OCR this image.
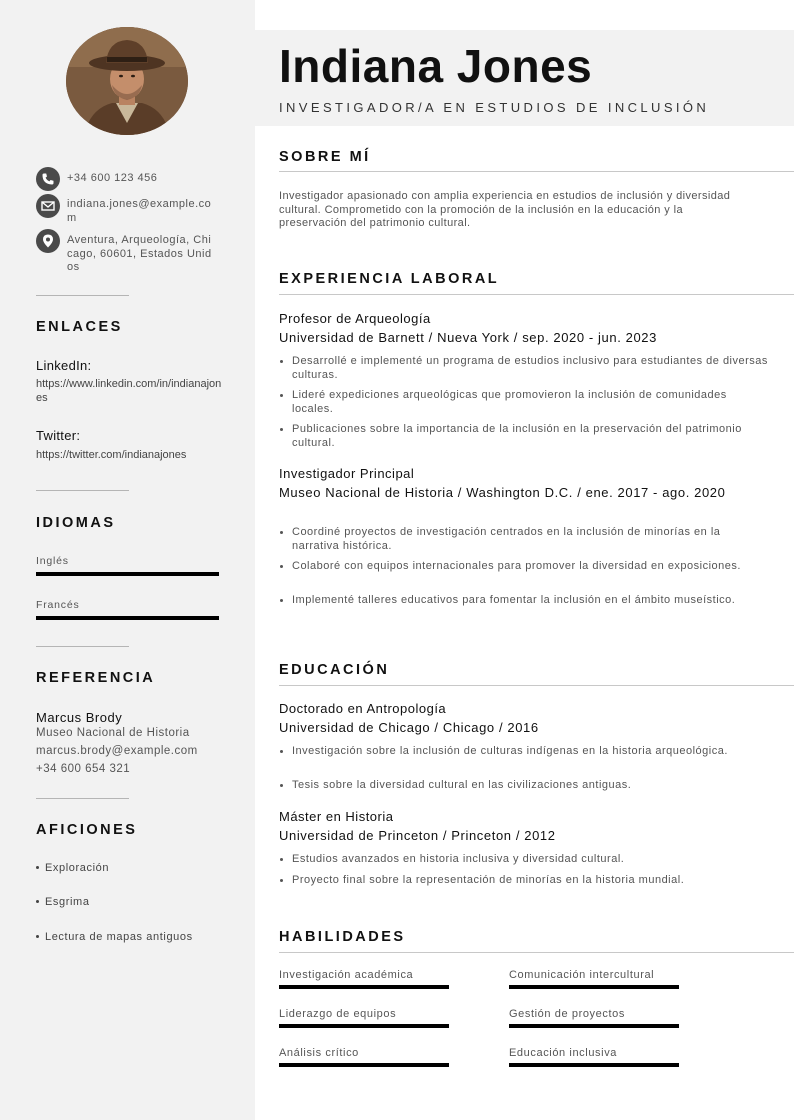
+34 600 123 456
indiana.jones@example.com
Aventura, Arqueología, Chicago, 60601, Estados Unidos
ENLACES
LinkedIn:
https://www.linkedin.com/in/indianajones
Twitter:
https://twitter.com/indianajones
IDIOMAS
Inglés
Francés
REFERENCIA
Marcus Brody
Museo Nacional de Historia
marcus.brody@example.com
+34 600 654 321
AFICIONES
Exploración
Esgrima
Lectura de mapas antiguos
Indiana Jones
INVESTIGADOR/A EN ESTUDIOS DE INCLUSIÓN
SOBRE MÍ
Investigador apasionado con amplia experiencia en estudios de inclusión y diversidad cultural. Comprometido con la promoción de la inclusión en la educación y la preservación del patrimonio cultural.
EXPERIENCIA LABORAL
Profesor de Arqueología
Universidad de Barnett / Nueva York / sep. 2020 - jun. 2023
Desarrollé e implementé un programa de estudios inclusivo para estudiantes de diversas culturas.
Lideré expediciones arqueológicas que promovieron la inclusión de comunidades locales.
Publicaciones sobre la importancia de la inclusión en la preservación del patrimonio cultural.
Investigador Principal
Museo Nacional de Historia / Washington D.C. / ene. 2017 - ago. 2020
Coordiné proyectos de investigación centrados en la inclusión de minorías en la narrativa histórica.
Colaboré con equipos internacionales para promover la diversidad en exposiciones.
Implementé talleres educativos para fomentar la inclusión en el ámbito museístico.
EDUCACIÓN
Doctorado en Antropología
Universidad de Chicago / Chicago / 2016
Investigación sobre la inclusión de culturas indígenas en la historia arqueológica.
Tesis sobre la diversidad cultural en las civilizaciones antiguas.
Máster en Historia
Universidad de Princeton / Princeton / 2012
Estudios avanzados en historia inclusiva y diversidad cultural.
Proyecto final sobre la representación de minorías en la historia mundial.
HABILIDADES
Investigación académica	Comunicación intercultural
Liderazgo de equipos	Gestión de proyectos
Análisis crítico	Educación inclusiva
